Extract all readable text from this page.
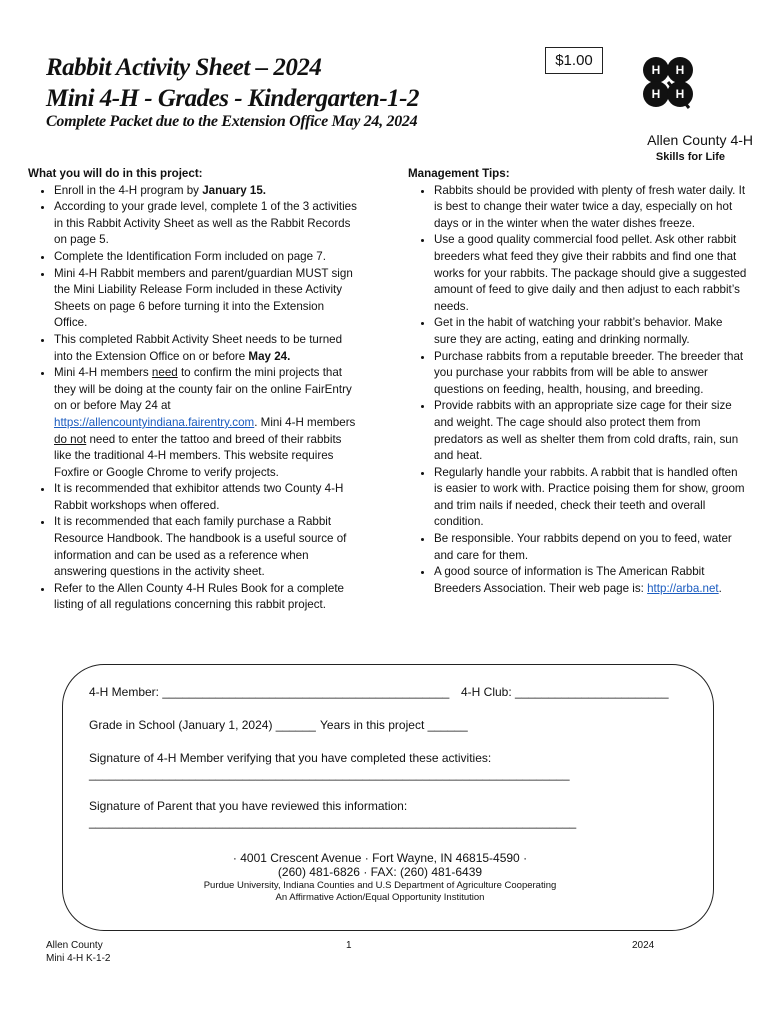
Rabbit Activity Sheet – 2024
Mini 4-H - Grades - Kindergarten-1-2
Complete Packet due to the Extension Office May 24, 2024
$1.00
H H
H H
Allen County 4-H
Skills for Life
What you will do in this project:
• Enroll in the 4-H program by January 15.
• According to your grade level, complete 1 of the 3 activities in this Rabbit Activity Sheet as well as the Rabbit Records on page 5.
• Complete the Identification Form included on page 7.
• Mini 4-H Rabbit members and parent/guardian MUST sign the Mini Liability Release Form included in these Activity Sheets on page 6 before turning it into the Extension Office.
• This completed Rabbit Activity Sheet needs to be turned into the Extension Office on or before May 24.
• Mini 4-H members need to confirm the mini projects that they will be doing at the county fair on the online FairEntry on or before May 24 at https://allencountyindiana.fairentry.com. Mini 4-H members do not need to enter the tattoo and breed of their rabbits like the traditional 4-H members. This website requires Foxfire or Google Chrome to verify projects.
• It is recommended that exhibitor attends two County 4-H Rabbit workshops when offered.
• It is recommended that each family purchase a Rabbit Resource Handbook. The handbook is a useful source of information and can be used as a reference when answering questions in the activity sheet.
• Refer to the Allen County 4-H Rules Book for a complete listing of all regulations concerning this rabbit project.
Management Tips:
• Rabbits should be provided with plenty of fresh water daily. It is best to change their water twice a day, especially on hot days or in the winter when the water dishes freeze.
• Use a good quality commercial food pellet. Ask other rabbit breeders what feed they give their rabbits and find one that works for your rabbits. The package should give a suggested amount of feed to give daily and then adjust to each rabbit’s needs.
• Get in the habit of watching your rabbit’s behavior. Make sure they are acting, eating and drinking normally.
• Purchase rabbits from a reputable breeder. The breeder that you purchase your rabbits from will be able to answer questions on feeding, health, housing, and breeding.
• Provide rabbits with an appropriate size cage for their size and weight. The cage should also protect them from predators as well as shelter them from cold drafts, rain, sun and heat.
• Regularly handle your rabbits. A rabbit that is handled often is easier to work with. Practice poising them for show, groom and trim nails if needed, check their teeth and overall condition.
• Be responsible. Your rabbits depend on you to feed, water and care for them.
• A good source of information is The American Rabbit Breeders Association. Their web page is: http://arba.net.
4-H Member: ___________________________________________ 4-H Club: _______________________
Grade in School (January 1, 2024) ______ Years in this project ______
Signature of 4-H Member verifying that you have completed these activities:
________________________________________________________________________
Signature of Parent that you have reviewed this information:
_________________________________________________________________________
· 4001 Crescent Avenue · Fort Wayne, IN 46815-4590 ·
(260) 481-6826 · FAX: (260) 481-6439
Purdue University, Indiana Counties and U.S Department of Agriculture Cooperating
An Affirmative Action/Equal Opportunity Institution
Allen County
Mini 4-H K-1-2
1	2024
